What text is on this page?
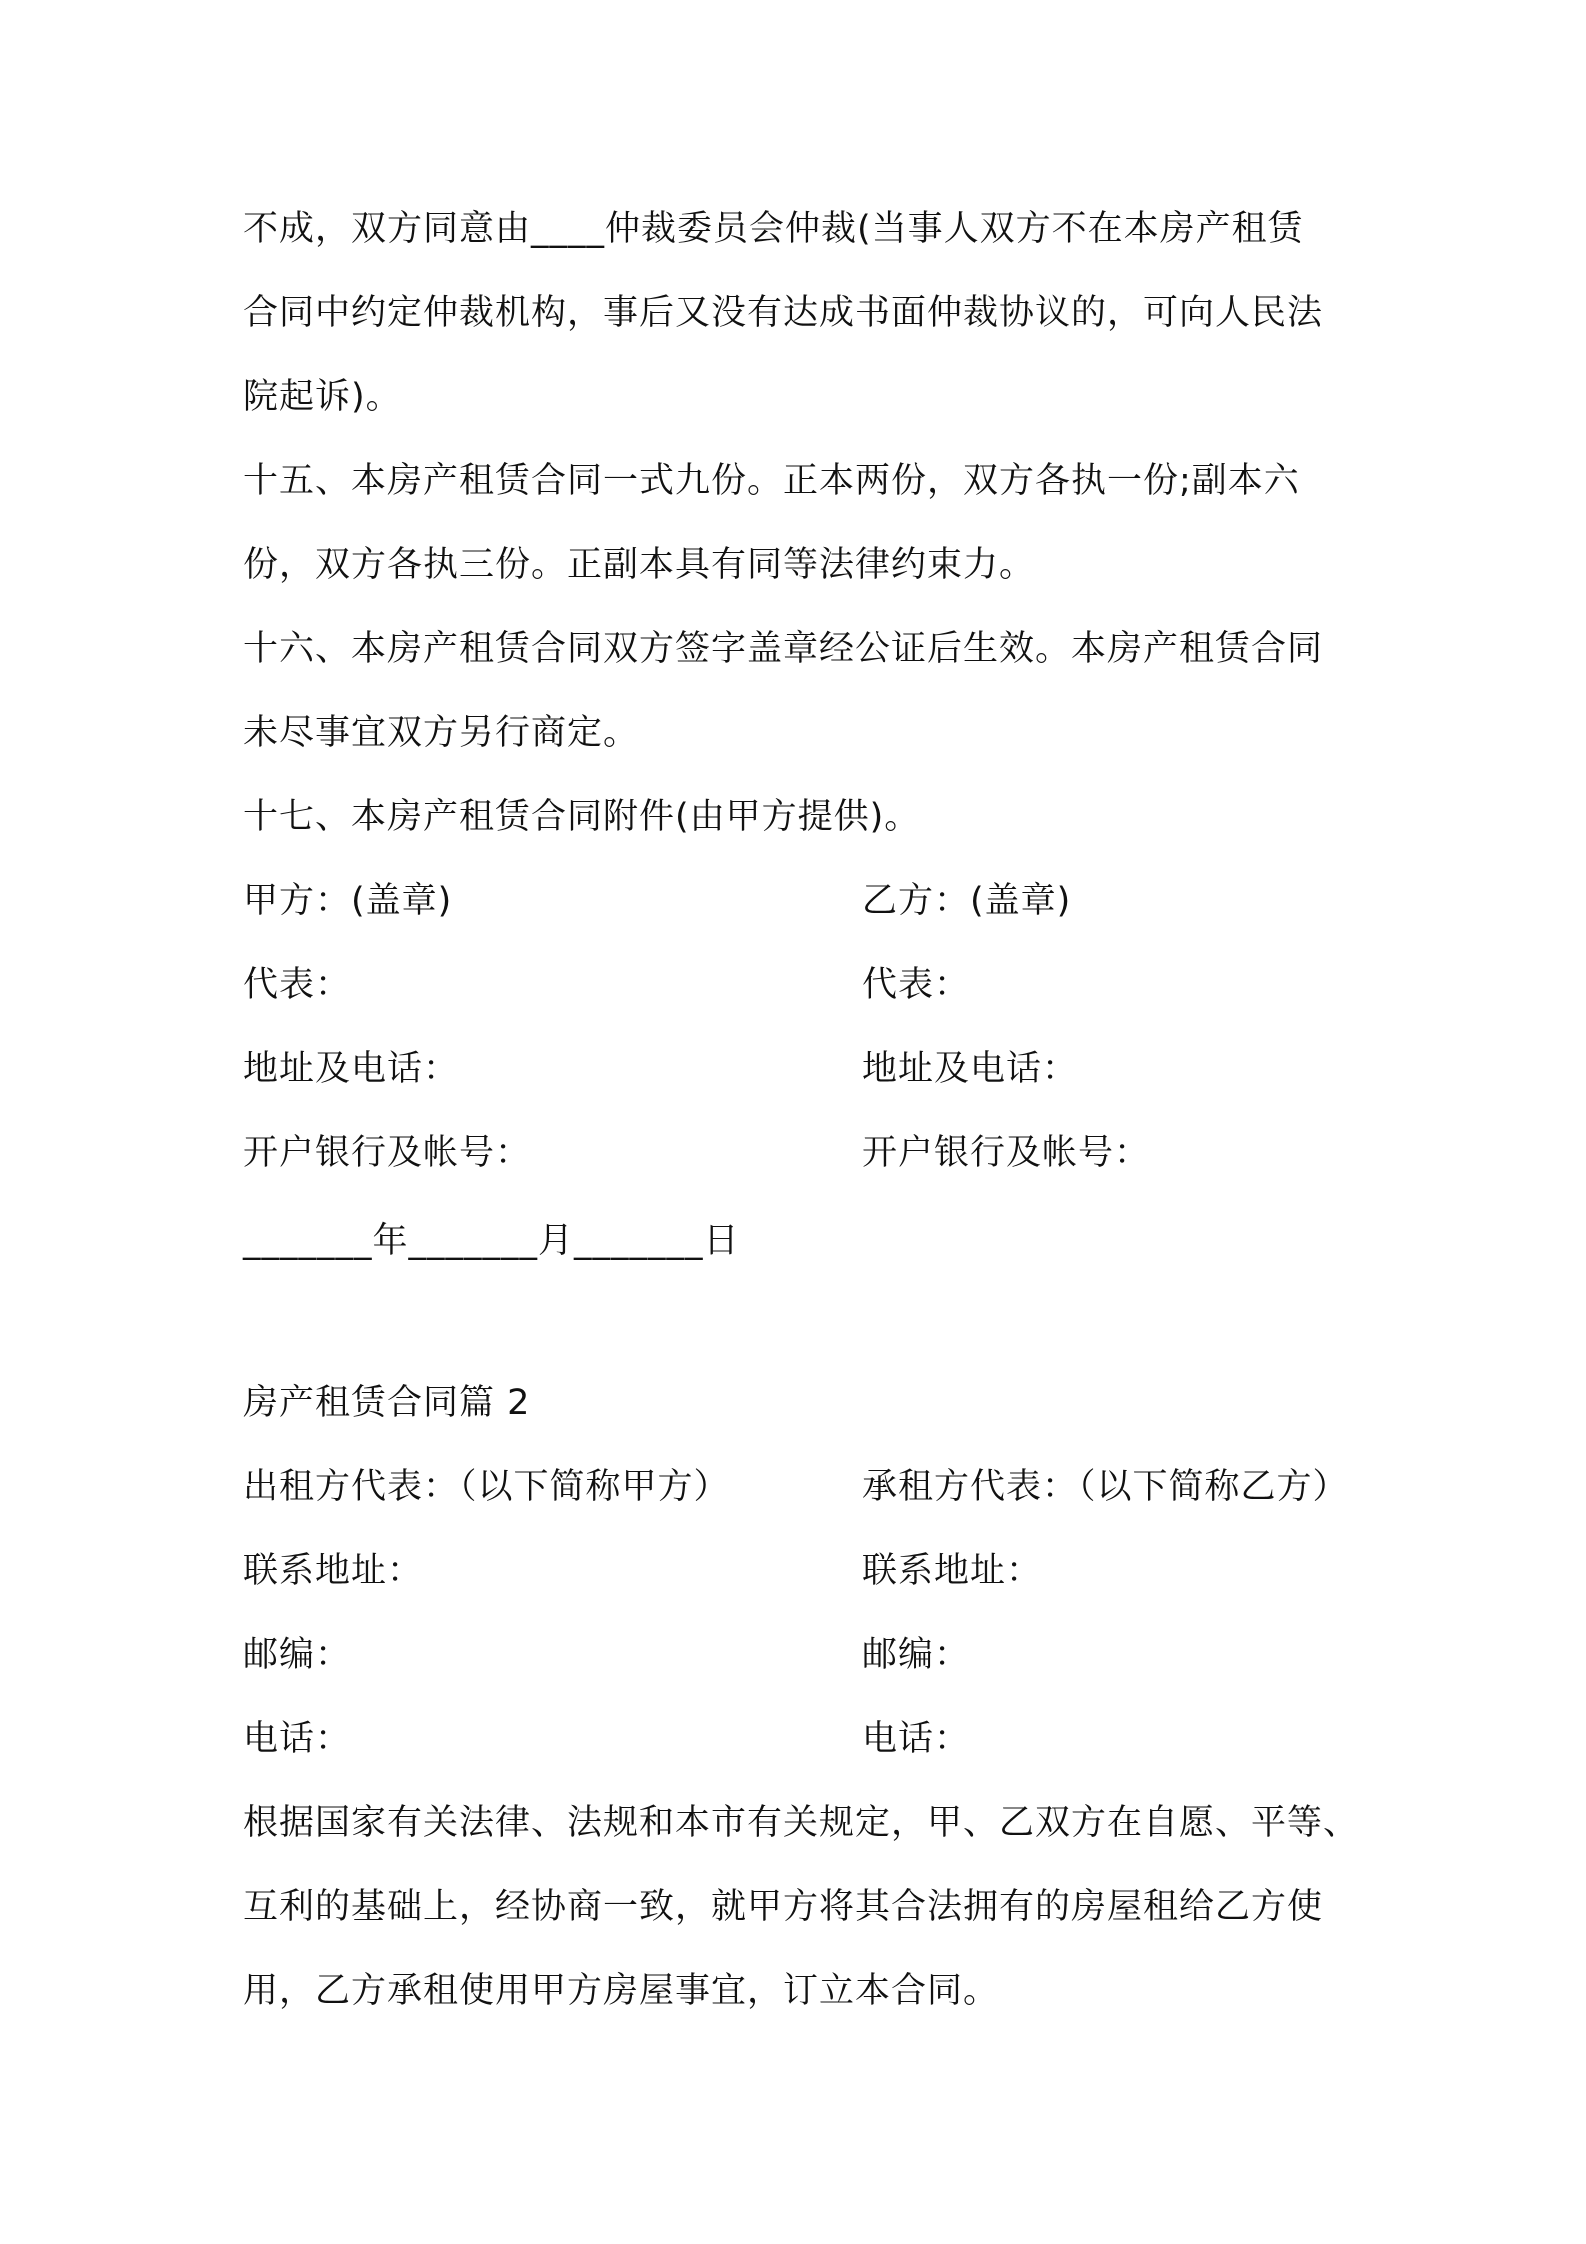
不成，双方同意由____仲裁委员会仲裁(当事人双方不在本房产租赁
合同中约定仲裁机构，事后又没有达成书面仲裁协议的，可向人民法
院起诉)。
十五、本房产租赁合同一式九份。正本两份，双方各执一份;副本六
份，双方各执三份。正副本具有同等法律约束力。
十六、本房产租赁合同双方签字盖章经公证后生效。本房产租赁合同
未尽事宜双方另行商定。
十七、本房产租赁合同附件(由甲方提供)。
甲方：(盖章)	乙方：(盖章)
代表：	代表：
地址及电话：	地址及电话：
开户银行及帐号：	开户银行及帐号：
_______年_______月_______日
房产租赁合同篇 2
出租方代表：（以下简称甲方）	承租方代表：（以下简称乙方）
联系地址：	联系地址：
邮编：	邮编：
电话：	电话：
根据国家有关法律、法规和本市有关规定，甲、乙双方在自愿、平等、
互利的基础上，经协商一致，就甲方将其合法拥有的房屋租给乙方使
用，乙方承租使用甲方房屋事宜，订立本合同。
